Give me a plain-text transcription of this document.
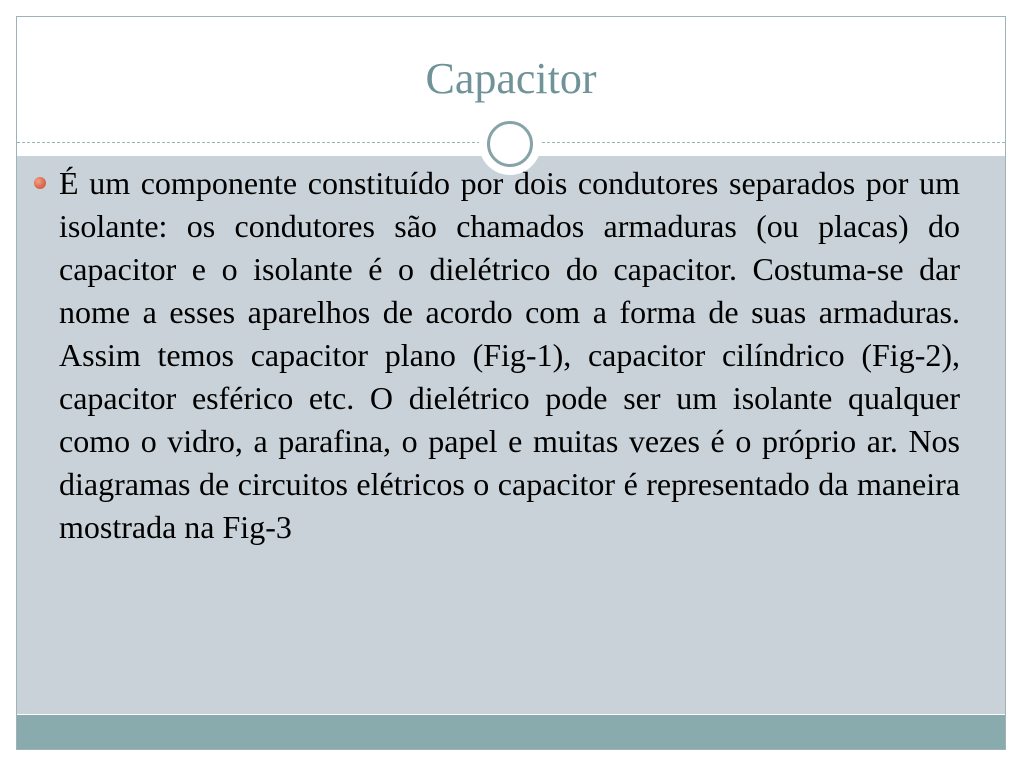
Capacitor

É um componente constituído por dois condutores separados por um isolante: os condutores são chamados armaduras (ou placas) do capacitor e o isolante é o dielétrico do capacitor. Costuma-se dar nome a esses aparelhos de acordo com a forma de suas armaduras. Assim temos capacitor plano (Fig-1), capacitor cilíndrico (Fig-2), capacitor esférico etc. O dielétrico pode ser um isolante qualquer como o vidro, a parafina, o papel e muitas vezes é o próprio ar. Nos diagramas de circuitos elétricos o capacitor é representado da maneira mostrada na Fig-3
